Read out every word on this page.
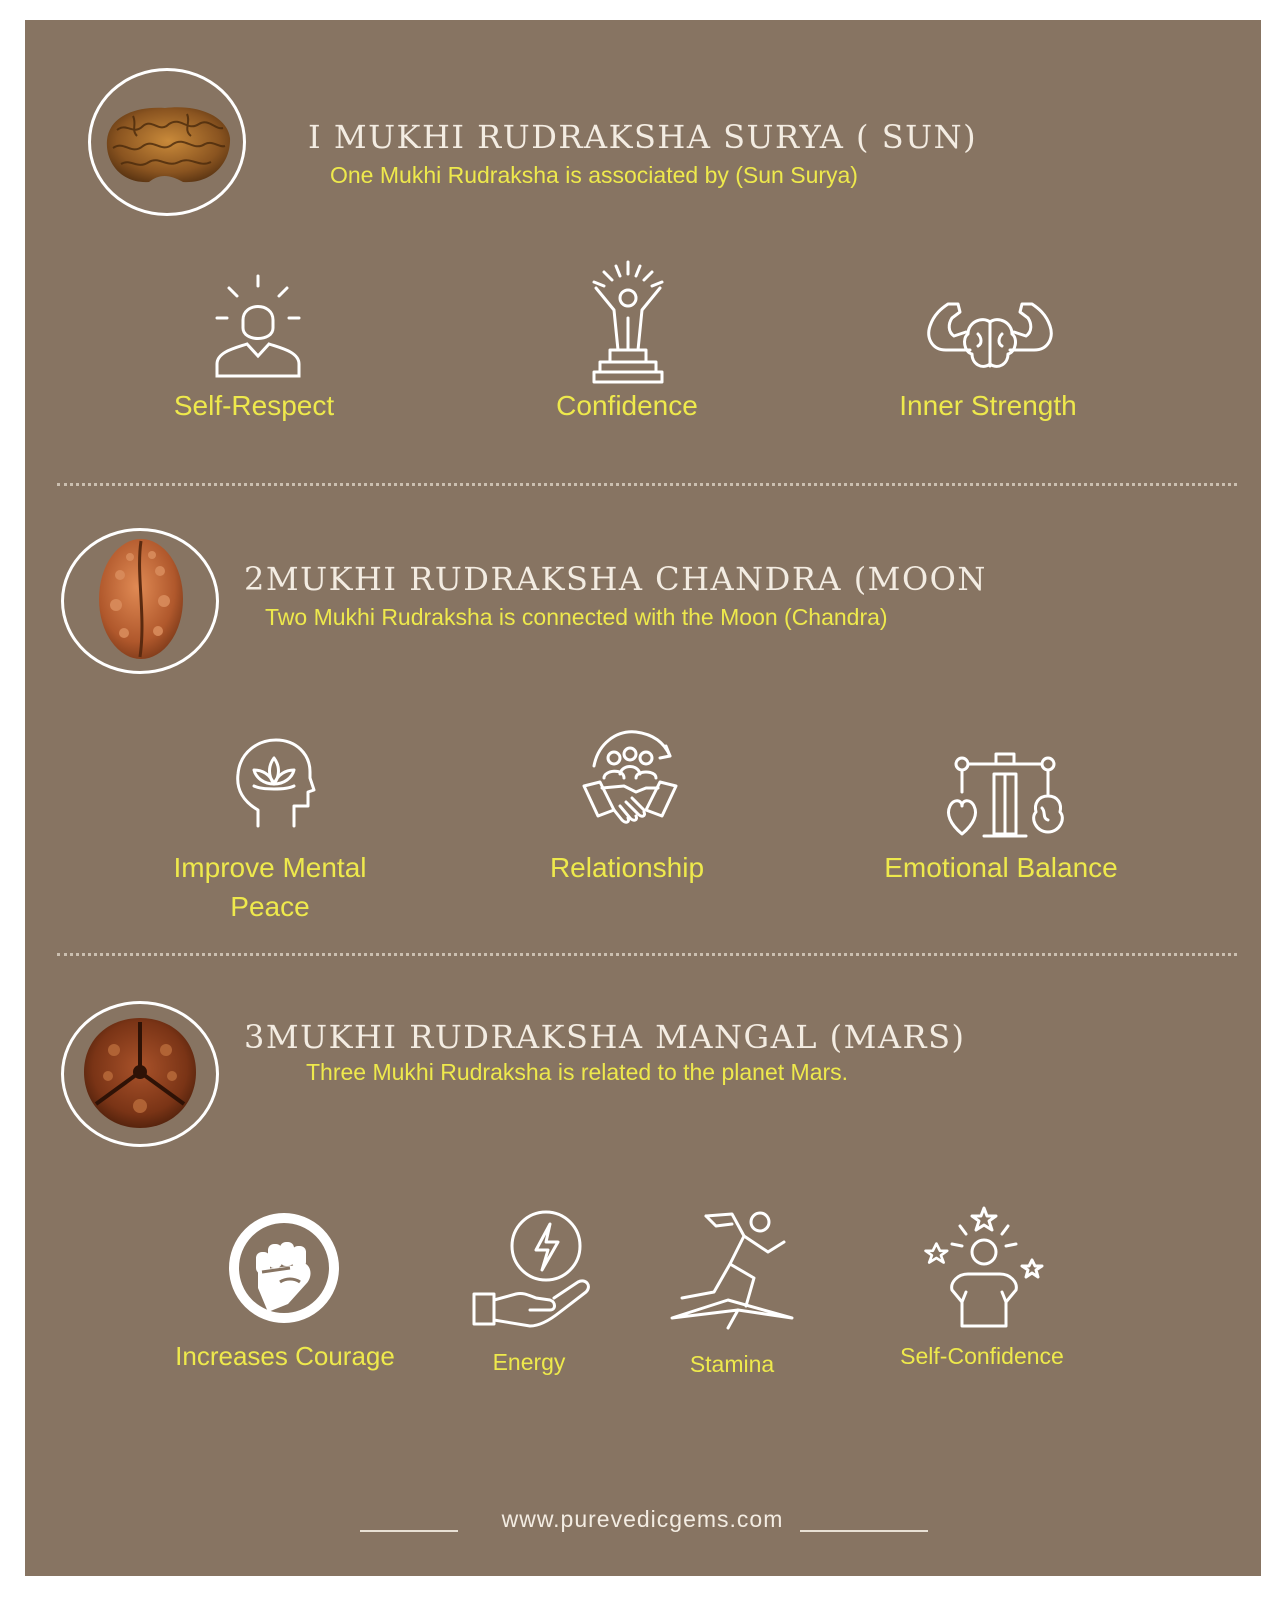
I MUKHI RUDRAKSHA SURYA ( SUN)
One Mukhi Rudraksha is associated by (Sun Surya)
Self-Respect	Confidence	Inner Strength
2MUKHI RUDRAKSHA CHANDRA (MOON
Two Mukhi Rudraksha is connected with the Moon (Chandra)
Improve Mental
Peace
Relationship	Emotional Balance
3MUKHI RUDRAKSHA MANGAL (MARS)
Three Mukhi Rudraksha is related to the planet Mars.
Increases Courage	Energy	Stamina	Self-Confidence
www.purevedicgems.com
